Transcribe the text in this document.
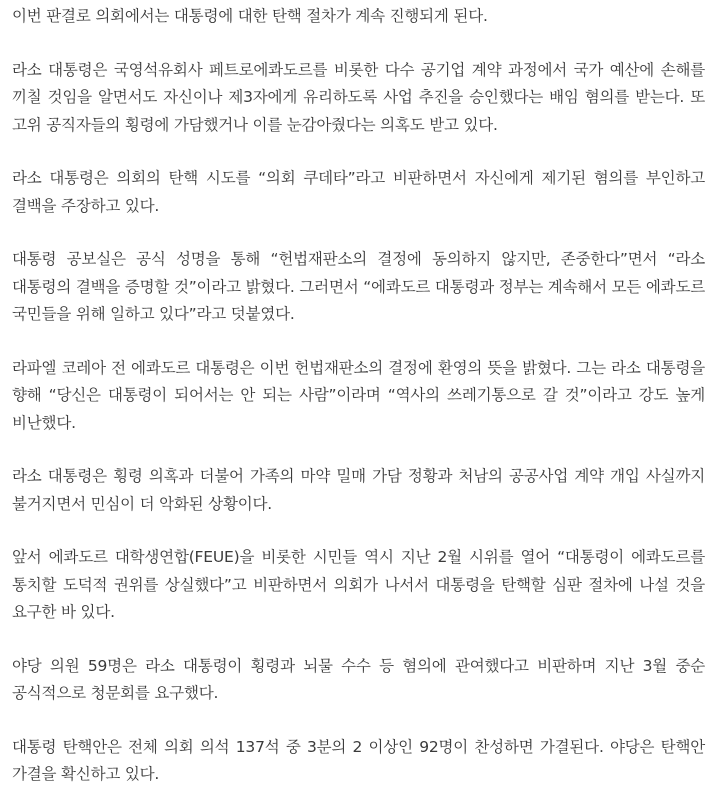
이번 판결로 의회에서는 대통령에 대한 탄핵 절차가 계속 진행되게 된다.

라소 대통령은 국영석유회사 페트로에콰도르를 비롯한 다수 공기업 계약 과정에서 국가 예산에 손해를 끼칠 것임을 알면서도 자신이나 제3자에게 유리하도록 사업 추진을 승인했다는 배임 혐의를 받는다. 또 고위 공직자들의 횡령에 가담했거나 이를 눈감아줬다는 의혹도 받고 있다.

라소 대통령은 의회의 탄핵 시도를 “의회 쿠데타”라고 비판하면서 자신에게 제기된 혐의를 부인하고 결백을 주장하고 있다.

대통령 공보실은 공식 성명을 통해 “헌법재판소의 결정에 동의하지 않지만, 존중한다”면서 “라소 대통령의 결백을 증명할 것”이라고 밝혔다. 그러면서 “에콰도르 대통령과 정부는 계속해서 모든 에콰도르 국민들을 위해 일하고 있다”라고 덧붙였다.

라파엘 코레아 전 에콰도르 대통령은 이번 헌법재판소의 결정에 환영의 뜻을 밝혔다. 그는 라소 대통령을 향해 “당신은 대통령이 되어서는 안 되는 사람”이라며 “역사의 쓰레기통으로 갈 것”이라고 강도 높게 비난했다.

라소 대통령은 횡령 의혹과 더불어 가족의 마약 밀매 가담 정황과 처남의 공공사업 계약 개입 사실까지 불거지면서 민심이 더 악화된 상황이다.

앞서 에콰도르 대학생연합(FEUE)을 비롯한 시민들 역시 지난 2월 시위를 열어 “대통령이 에콰도르를 통치할 도덕적 권위를 상실했다”고 비판하면서 의회가 나서서 대통령을 탄핵할 심판 절차에 나설 것을 요구한 바 있다.

야당 의원 59명은 라소 대통령이 횡령과 뇌물 수수 등 혐의에 관여했다고 비판하며 지난 3월 중순 공식적으로 청문회를 요구했다.

대통령 탄핵안은 전체 의회 의석 137석 중 3분의 2 이상인 92명이 찬성하면 가결된다. 야당은 탄핵안 가결을 확신하고 있다.
